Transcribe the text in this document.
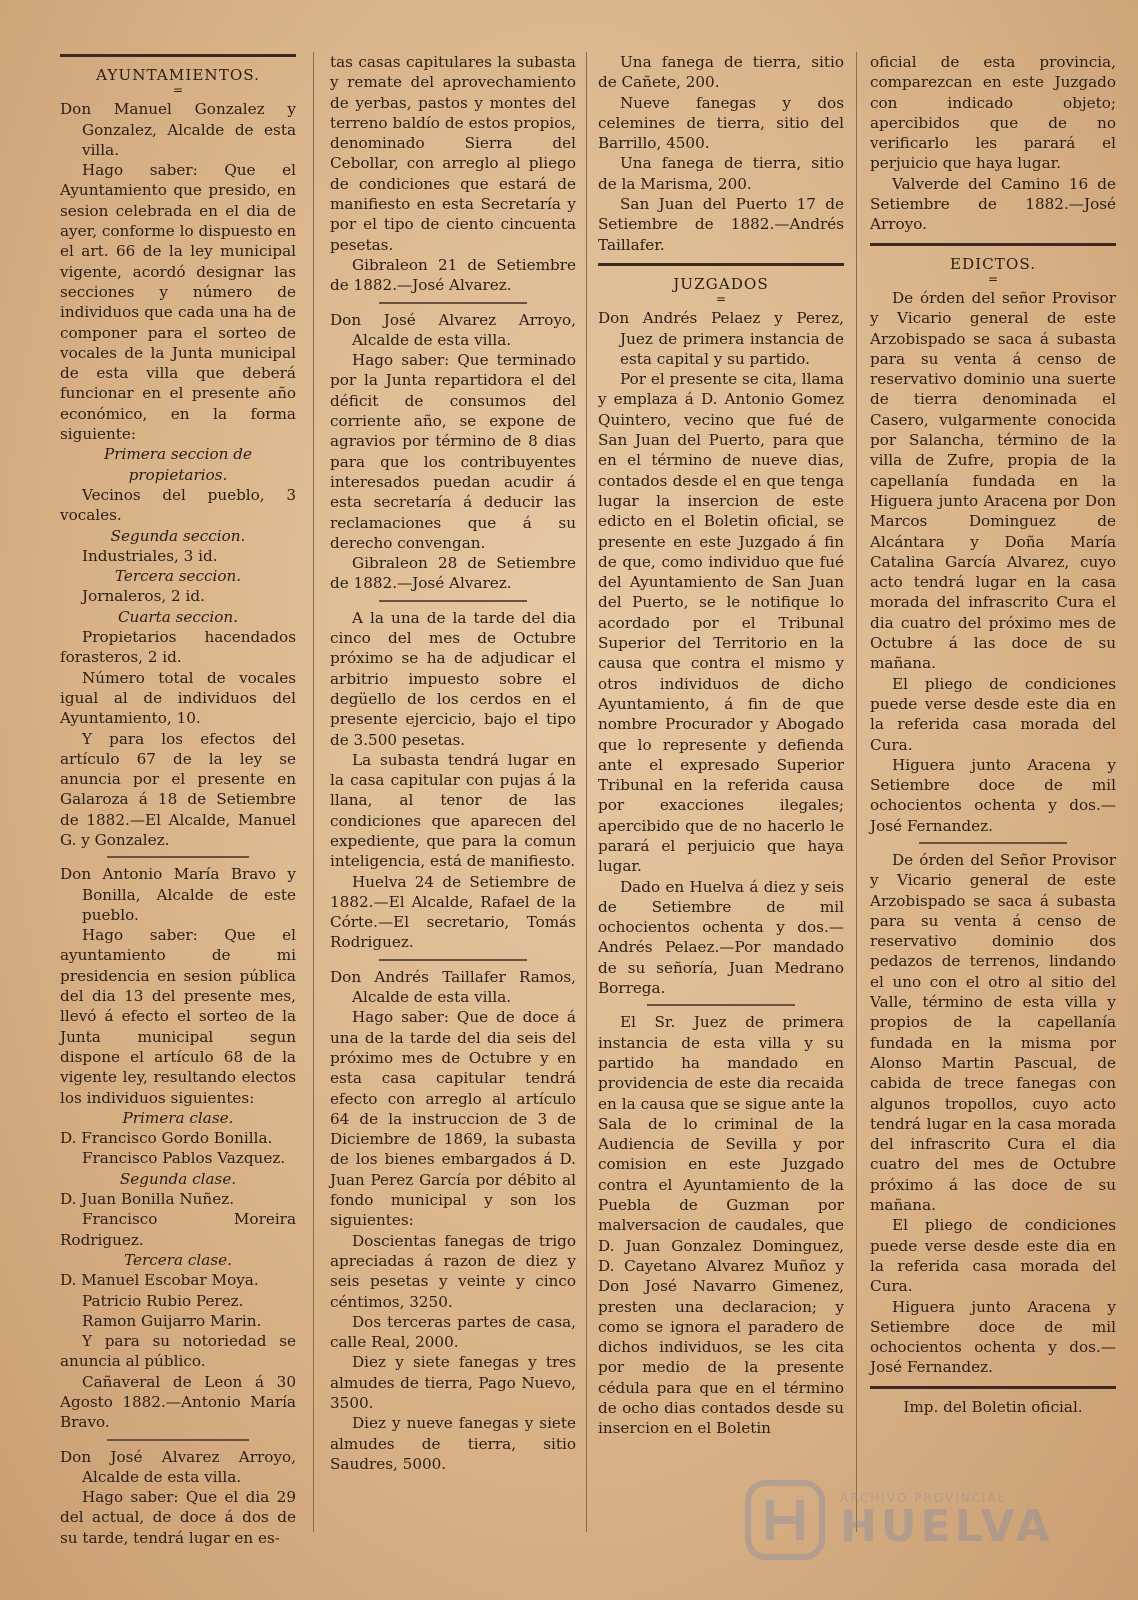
AYUNTAMIENTOS.
=

Don Manuel Gonzalez y Gonzalez, Alcalde de esta villa.

Hago saber: Que el Ayuntamiento que presido, en sesion celebrada en el dia de ayer, conforme lo dispuesto en el art. 66 de la ley municipal vigente, acordó designar las secciones y número de individuos que cada una ha de componer para el sorteo de vocales de la Junta municipal de esta villa que deberá funcionar en el presente año económico, en la forma siguiente:

Primera seccion de propietarios.

Vecinos del pueblo, 3 vocales.

Segunda seccion.

Industriales, 3 id.

Tercera seccion.

Jornaleros, 2 id.

Cuarta seccion.

Propietarios hacendados forasteros, 2 id.

Número total de vocales igual al de individuos del Ayuntamiento, 10.

Y para los efectos del artículo 67 de la ley se anuncia por el presente en Galaroza á 18 de Setiembre de 1882.—El Alcalde, Manuel G. y Gonzalez.

Don Antonio María Bravo y Bonilla, Alcalde de este pueblo.

Hago saber: Que el ayuntamiento de mi presidencia en sesion pública del dia 13 del presente mes, llevó á efecto el sorteo de la Junta municipal segun dispone el artículo 68 de la vigente ley, resultando electos los individuos siguientes:

Primera clase.

D. Francisco Gordo Bonilla.

Francisco Pablos Vazquez.

Segunda clase.

D. Juan Bonilla Nuñez.

Francisco Moreira Rodriguez.

Tercera clase.

D. Manuel Escobar Moya.

Patricio Rubio Perez.

Ramon Guijarro Marin.

Y para su notoriedad se anuncia al público.

Cañaveral de Leon á 30 Agosto 1882.—Antonio María Bravo.

Don José Alvarez Arroyo, Alcalde de esta villa.

Hago saber: Que el dia 29 del actual, de doce á dos de su tarde, tendrá lugar en es-

tas casas capitulares la subasta y remate del aprovechamiento de yerbas, pastos y montes del terreno baldío de estos propios, denominado Sierra del Cebollar, con arreglo al pliego de condiciones que estará de manifiesto en esta Secretaría y por el tipo de ciento cincuenta pesetas.

Gibraleon 21 de Setiembre de 1882.—José Alvarez.

Don José Alvarez Arroyo, Alcalde de esta villa.

Hago saber: Que terminado por la Junta repartidora el del déficit de consumos del corriente año, se expone de agravios por término de 8 dias para que los contribuyentes interesados puedan acudir á esta secretaría á deducir las reclamaciones que á su derecho convengan.

Gibraleon 28 de Setiembre de 1882.—José Alvarez.

A la una de la tarde del dia cinco del mes de Octubre próximo se ha de adjudicar el arbitrio impuesto sobre el degüello de los cerdos en el presente ejercicio, bajo el tipo de 3.500 pesetas.

La subasta tendrá lugar en la casa capitular con pujas á la llana, al tenor de las condiciones que aparecen del expediente, que para la comun inteligencia, está de manifiesto.

Huelva 24 de Setiembre de 1882.—El Alcalde, Rafael de la Córte.—El secretario, Tomás Rodriguez.

Don Andrés Taillafer Ramos, Alcalde de esta villa.

Hago saber: Que de doce á una de la tarde del dia seis del próximo mes de Octubre y en esta casa capitular tendrá efecto con arreglo al artículo 64 de la instruccion de 3 de Diciembre de 1869, la subasta de los bienes embargados á D. Juan Perez García por débito al fondo municipal y son los siguientes:

Doscientas fanegas de trigo apreciadas á razon de diez y seis pesetas y veinte y cinco céntimos, 3250.

Dos terceras partes de casa, calle Real, 2000.

Diez y siete fanegas y tres almudes de tierra, Pago Nuevo, 3500.

Diez y nueve fanegas y siete almudes de tierra, sitio Saudres, 5000.

Una fanega de tierra, sitio de Cañete, 200.

Nueve fanegas y dos celemines de tierra, sitio del Barrillo, 4500.

Una fanega de tierra, sitio de la Marisma, 200.

San Juan del Puerto 17 de Setiembre de 1882.—Andrés Taillafer.

JUZGADOS
=

Don Andrés Pelaez y Perez, Juez de primera instancia de esta capital y su partido.

Por el presente se cita, llama y emplaza á D. Antonio Gomez Quintero, vecino que fué de San Juan del Puerto, para que en el término de nueve dias, contados desde el en que tenga lugar la insercion de este edicto en el Boletin oficial, se presente en este Juzgado á fin de que, como individuo que fué del Ayuntamiento de San Juan del Puerto, se le notifique lo acordado por el Tribunal Superior del Territorio en la causa que contra el mismo y otros individuos de dicho Ayuntamiento, á fin de que nombre Procurador y Abogado que lo represente y defienda ante el expresado Superior Tribunal en la referida causa por exacciones ilegales; apercibido que de no hacerlo le parará el perjuicio que haya lugar.

Dado en Huelva á diez y seis de Setiembre de mil ochocientos ochenta y dos.—Andrés Pelaez.—Por mandado de su señoría, Juan Medrano Borrega.

El Sr. Juez de primera instancia de esta villa y su partido ha mandado en providencia de este dia recaida en la causa que se sigue ante la Sala de lo criminal de la Audiencia de Sevilla y por comision en este Juzgado contra el Ayuntamiento de la Puebla de Guzman por malversacion de caudales, que D. Juan Gonzalez Dominguez, D. Cayetano Alvarez Muñoz y Don José Navarro Gimenez, presten una declaracion; y como se ignora el paradero de dichos individuos, se les cita por medio de la presente cédula para que en el término de ocho dias contados desde su insercion en el Boletin

oficial de esta provincia, comparezcan en este Juzgado con indicado objeto; apercibidos que de no verificarlo les parará el perjuicio que haya lugar.

Valverde del Camino 16 de Setiembre de 1882.—José Arroyo.

EDICTOS.
=

De órden del señor Provisor y Vicario general de este Arzobispado se saca á subasta para su venta á censo de reservativo dominio una suerte de tierra denominada el Casero, vulgarmente conocida por Salancha, término de la villa de Zufre, propia de la capellanía fundada en la Higuera junto Aracena por Don Marcos Dominguez de Alcántara y Doña María Catalina García Alvarez, cuyo acto tendrá lugar en la casa morada del infrascrito Cura el dia cuatro del próximo mes de Octubre á las doce de su mañana.

El pliego de condiciones puede verse desde este dia en la referida casa morada del Cura.

Higuera junto Aracena y Setiembre doce de mil ochocientos ochenta y dos.—José Fernandez.

De órden del Señor Provisor y Vicario general de este Arzobispado se saca á subasta para su venta á censo de reservativo dominio dos pedazos de terrenos, lindando el uno con el otro al sitio del Valle, término de esta villa y propios de la capellanía fundada en la misma por Alonso Martin Pascual, de cabida de trece fanegas con algunos tropollos, cuyo acto tendrá lugar en la casa morada del infrascrito Cura el dia cuatro del mes de Octubre próximo á las doce de su mañana.

El pliego de condiciones puede verse desde este dia en la referida casa morada del Cura.

Higuera junto Aracena y Setiembre doce de mil ochocientos ochenta y dos.—José Fernandez.

Imp. del Boletin oficial.

ARCHIVO PROVINCIAL
HUELVA
